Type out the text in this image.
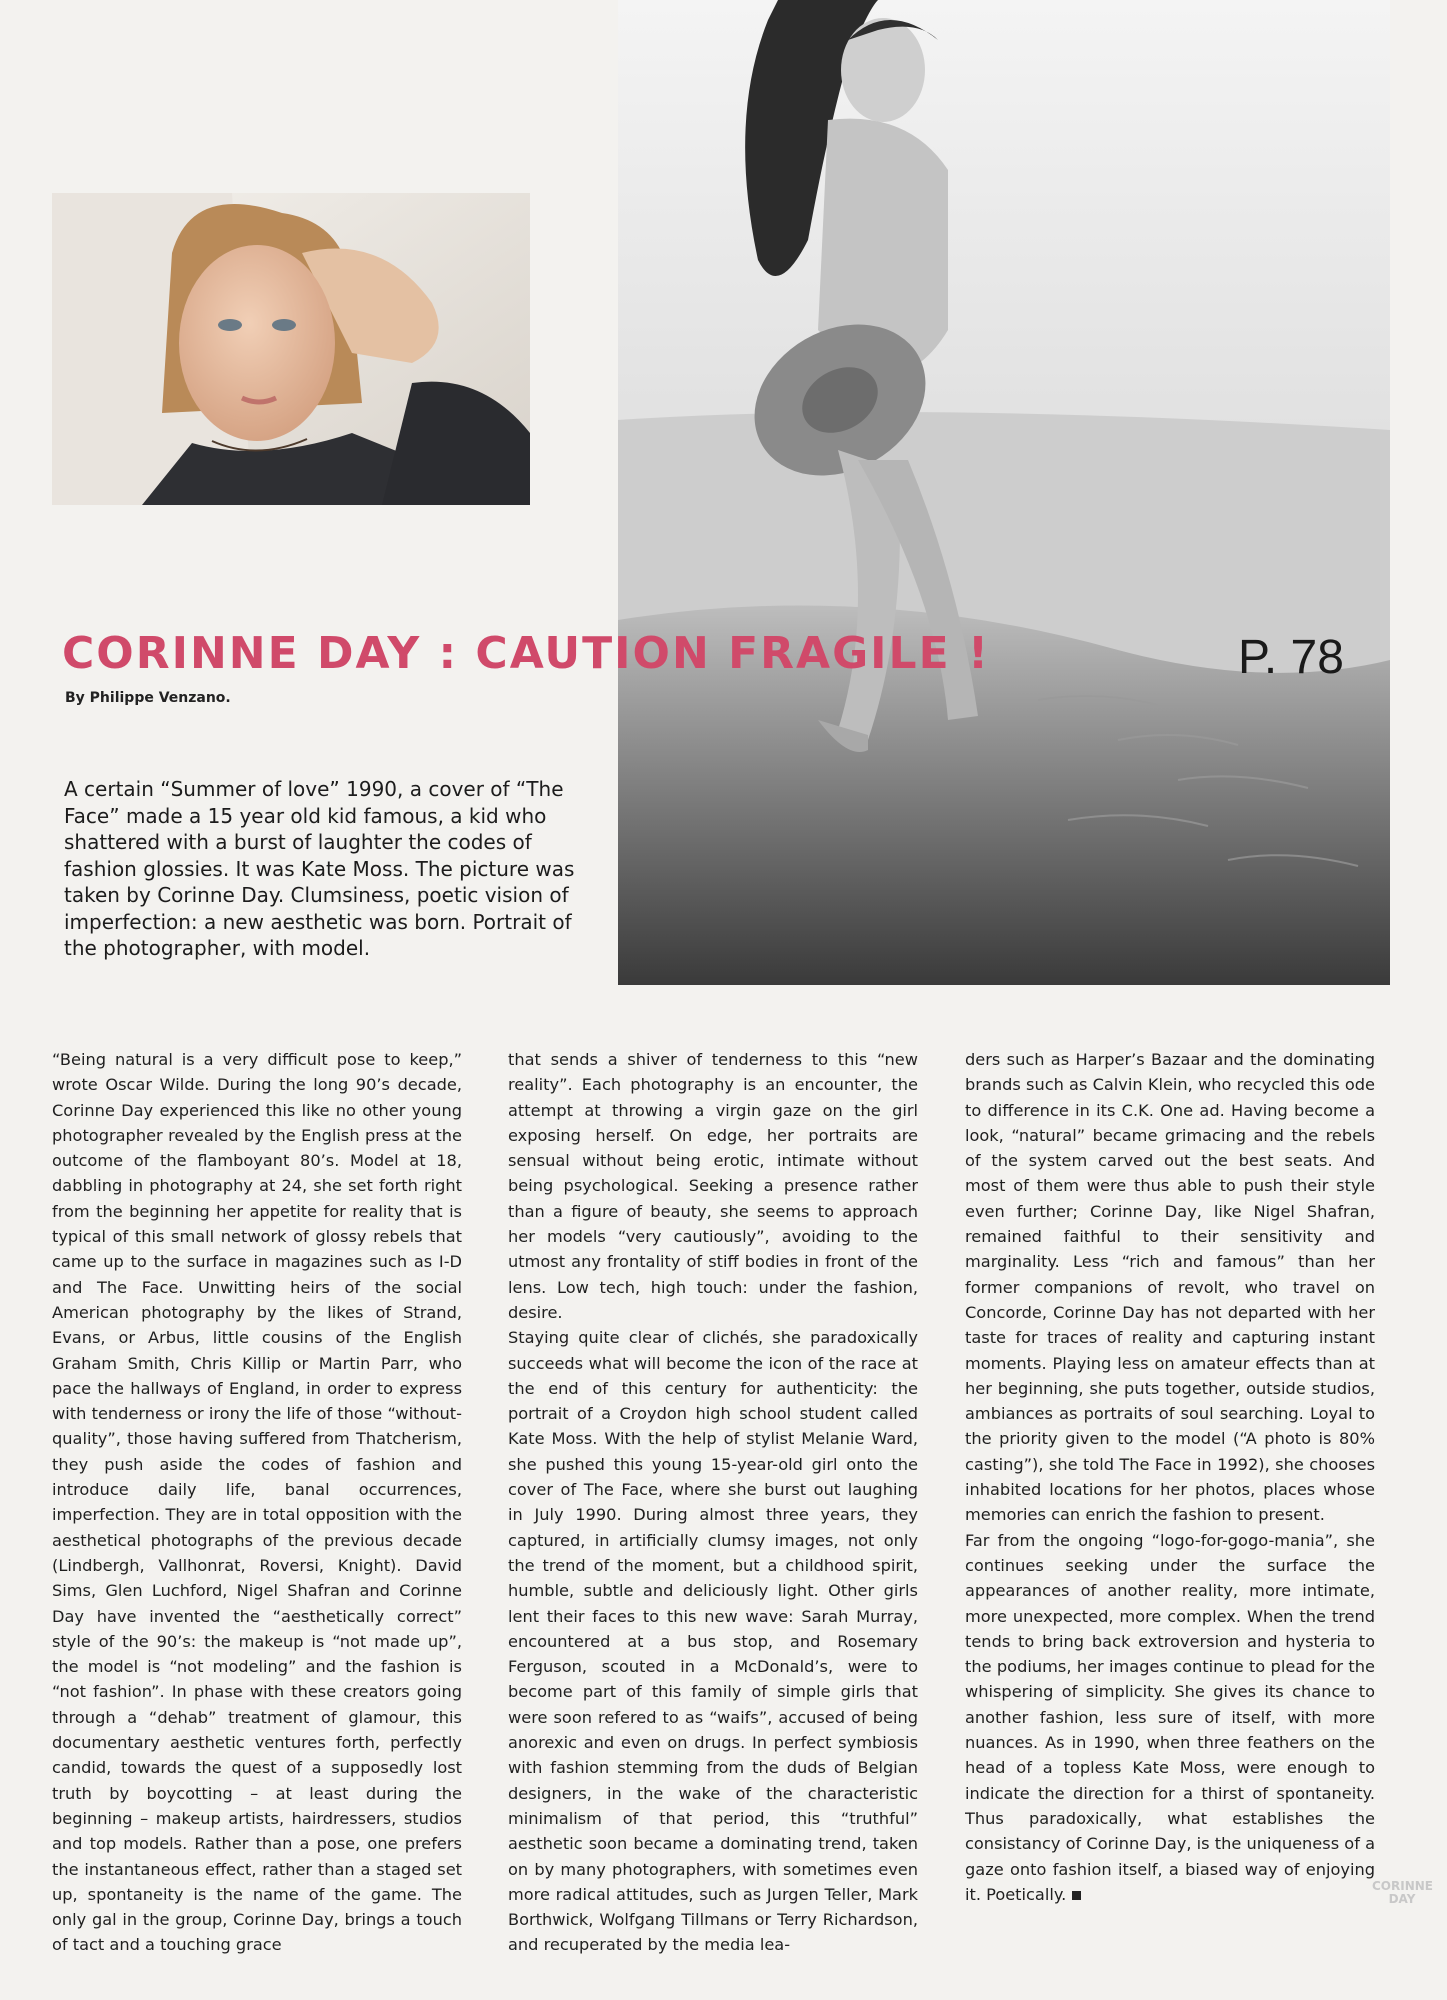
CORINNE DAY : CAUTION FRAGILE !	P. 78
By Philippe Venzano.

A certain “Summer of love” 1990, a cover of “The Face” made a 15 year old kid famous, a kid who shattered with a burst of laughter the codes of fashion glossies. It was Kate Moss. The picture was taken by Corinne Day. Clumsiness, poetic vision of imperfection: a new aesthetic was born. Portrait of the photographer, with model.

“Being natural is a very difficult pose to keep,” wrote Oscar Wilde. During the long 90’s decade, Corinne Day experienced this like no other young photographer revealed by the English press at the outcome of the flamboyant 80’s. Model at 18, dabbling in photography at 24, she set forth right from the beginning her appetite for reality that is typical of this small network of glossy rebels that came up to the surface in magazines such as I-D and The Face. Unwitting heirs of the social American photography by the likes of Strand, Evans, or Arbus, little cousins of the English Graham Smith, Chris Killip or Martin Parr, who pace the hallways of England, in order to express with tenderness or irony the life of those “without-quality”, those having suffered from Thatcherism, they push aside the codes of fashion and introduce daily life, banal occurrences, imperfection. They are in total opposition with the aesthetical photographs of the previous decade (Lindbergh, Vallhonrat, Roversi, Knight). David Sims, Glen Luchford, Nigel Shafran and Corinne Day have invented the “aesthetically correct” style of the 90’s: the makeup is “not made up”, the model is “not modeling” and the fashion is “not fashion”. In phase with these creators going through a “dehab” treatment of glamour, this documentary aesthetic ventures forth, perfectly candid, towards the quest of a supposedly lost truth by boycotting – at least during the beginning – makeup artists, hairdressers, studios and top models. Rather than a pose, one prefers the instantaneous effect, rather than a staged set up, spontaneity is the name of the game. The only gal in the group, Corinne Day, brings a touch of tact and a touching grace

that sends a shiver of tenderness to this “new reality”. Each photography is an encounter, the attempt at throwing a virgin gaze on the girl exposing herself. On edge, her portraits are sensual without being erotic, intimate without being psychological. Seeking a presence rather than a figure of beauty, she seems to approach her models “very cautiously”, avoiding to the utmost any frontality of stiff bodies in front of the lens. Low tech, high touch: under the fashion, desire.

Staying quite clear of clichés, she paradoxically succeeds what will become the icon of the race at the end of this century for authenticity: the portrait of a Croydon high school student called Kate Moss. With the help of stylist Melanie Ward, she pushed this young 15-year-old girl onto the cover of The Face, where she burst out laughing in July 1990. During almost three years, they captured, in artificially clumsy images, not only the trend of the moment, but a childhood spirit, humble, subtle and deliciously light. Other girls lent their faces to this new wave: Sarah Murray, encountered at a bus stop, and Rosemary Ferguson, scouted in a McDonald’s, were to become part of this family of simple girls that were soon refered to as “waifs”, accused of being anorexic and even on drugs. In perfect symbiosis with fashion stemming from the duds of Belgian designers, in the wake of the characteristic minimalism of that period, this “truthful” aesthetic soon became a dominating trend, taken on by many photographers, with sometimes even more radical attitudes, such as Jurgen Teller, Mark Borthwick, Wolfgang Tillmans or Terry Richardson, and recuperated by the media lea-

ders such as Harper’s Bazaar and the dominating brands such as Calvin Klein, who recycled this ode to difference in its C.K. One ad. Having become a look, “natural” became grimacing and the rebels of the system carved out the best seats. And most of them were thus able to push their style even further; Corinne Day, like Nigel Shafran, remained faithful to their sensitivity and marginality. Less “rich and famous” than her former companions of revolt, who travel on Concorde, Corinne Day has not departed with her taste for traces of reality and capturing instant moments. Playing less on amateur effects than at her beginning, she puts together, outside studios, ambiances as portraits of soul searching. Loyal to the priority given to the model (“A photo is 80% casting”), she told The Face in 1992), she chooses inhabited locations for her photos, places whose memories can enrich the fashion to present.

Far from the ongoing “logo-for-gogo-mania”, she continues seeking under the surface the appearances of another reality, more intimate, more unexpected, more complex. When the trend tends to bring back extroversion and hysteria to the podiums, her images continue to plead for the whispering of simplicity. She gives its chance to another fashion, less sure of itself, with more nuances. As in 1990, when three feathers on the head of a topless Kate Moss, were enough to indicate the direction for a thirst of spontaneity. Thus paradoxically, what establishes the consistancy of Corinne Day, is the uniqueness of a gaze onto fashion itself, a biased way of enjoying it. Poetically.	CORINNE DAY
